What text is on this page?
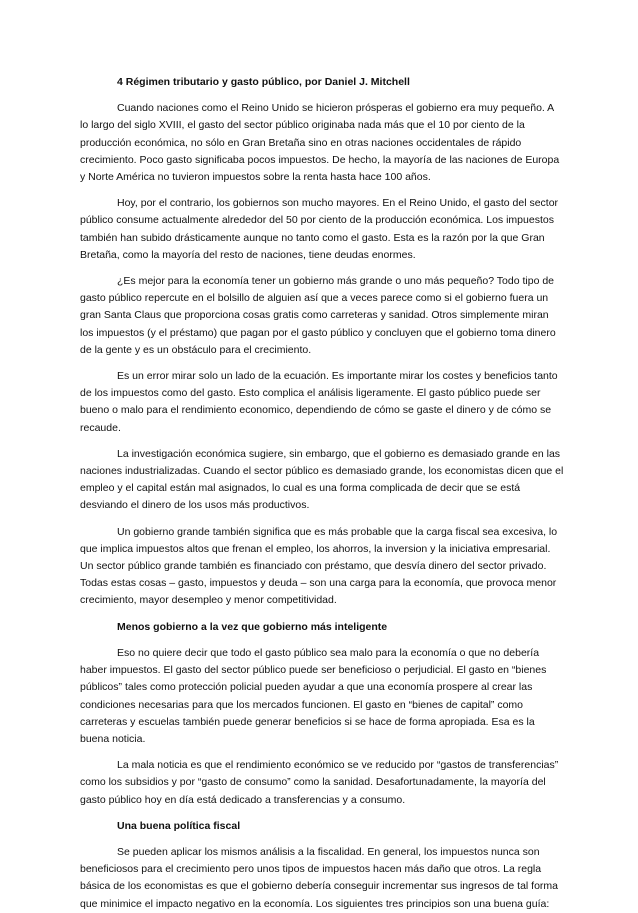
4 Régimen tributario y gasto público, por Daniel J. Mitchell
Cuando naciones como el Reino Unido se hicieron prósperas el gobierno era muy pequeño. A lo largo del siglo XVIII, el gasto del sector público originaba nada más que el 10 por ciento de la producción económica, no sólo en Gran Bretaña sino en otras naciones occidentales de rápido crecimiento. Poco gasto significaba pocos impuestos. De hecho, la mayoría de las naciones de Europa y Norte América no tuvieron impuestos sobre la renta hasta hace 100 años.
Hoy, por el contrario, los gobiernos son mucho mayores. En el Reino Unido, el gasto del sector público consume actualmente alrededor del 50 por ciento de la producción económica. Los impuestos también han subido drásticamente aunque no tanto como el gasto. Esta es la razón por la que Gran Bretaña, como la mayoría del resto de naciones, tiene deudas enormes.
¿Es mejor para la economía tener un gobierno más grande o uno más pequeño? Todo tipo de gasto público repercute en el bolsillo de alguien así que a veces parece como si el gobierno fuera un gran Santa Claus que proporciona cosas gratis como carreteras y sanidad. Otros simplemente miran los impuestos (y el préstamo) que pagan por el gasto público y concluyen que el gobierno toma dinero de la gente y es un obstáculo para el crecimiento.
Es un error mirar solo un lado de la ecuación. Es importante mirar los costes y beneficios tanto de los impuestos como del gasto. Esto complica el análisis ligeramente. El gasto público puede ser bueno o malo para el rendimiento economico, dependiendo de cómo se gaste el dinero y de cómo se recaude.
La investigación económica sugiere, sin embargo, que el gobierno es demasiado grande en las naciones industrializadas. Cuando el sector público es demasiado grande, los economistas dicen que el empleo y el capital están mal asignados, lo cual es una forma complicada de decir que se está desviando el dinero de los usos más productivos.
Un gobierno grande también significa que es más probable que la carga fiscal sea excesiva, lo que implica impuestos altos que frenan el empleo, los ahorros, la inversion y la iniciativa empresarial. Un sector público grande también es financiado con préstamo, que desvía dinero del sector privado. Todas estas cosas – gasto, impuestos y deuda – son una carga para la economía, que provoca menor crecimiento, mayor desempleo y menor competitividad.
Menos gobierno a la vez que gobierno más inteligente
Eso no quiere decir que todo el gasto público sea malo para la economía o que no debería haber impuestos. El gasto del sector público puede ser beneficioso o perjudicial. El gasto en “bienes públicos” tales como protección policial pueden ayudar a que una economía prospere al crear las condiciones necesarias para que los mercados funcionen. El gasto en “bienes de capital” como carreteras y escuelas también puede generar beneficios si se hace de forma apropiada. Esa es la buena noticia.
La mala noticia es que el rendimiento económico se ve reducido por “gastos de transferencias” como los subsidios y por “gasto de consumo” como la sanidad. Desafortunadamente, la mayoría del gasto público hoy en día está dedicado a transferencias y a consumo.
Una buena política fiscal
Se pueden aplicar los mismos análisis a la fiscalidad. En general, los impuestos nunca son beneficiosos para el crecimiento pero unos tipos de impuestos hacen más daño que otros. La regla básica de los economistas es que el gobierno debería conseguir incrementar sus ingresos de tal forma que minimice el impacto negativo en la economía. Los siguientes tres principios son una buena guía:
